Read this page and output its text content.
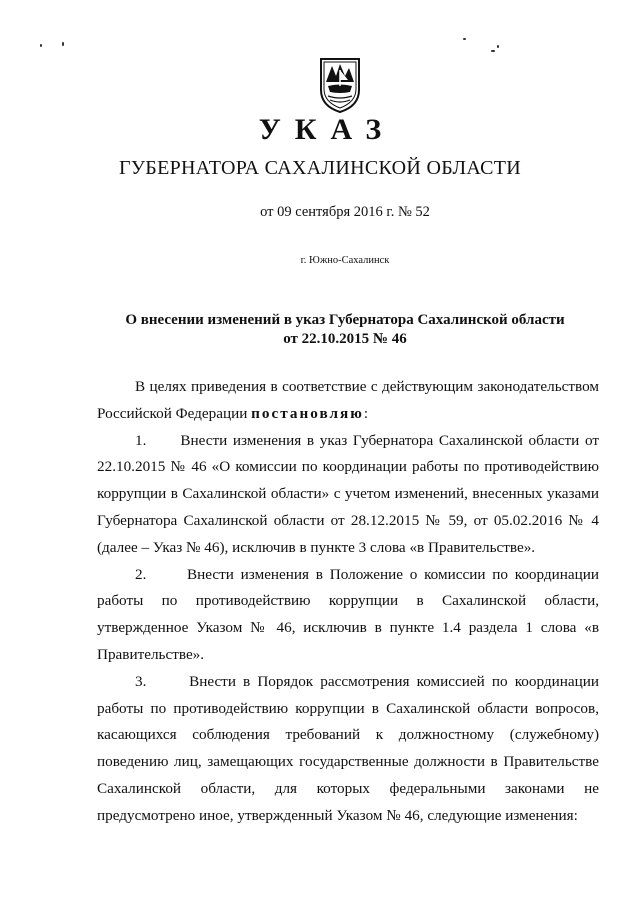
УКАЗ
ГУБЕРНАТОРА САХАЛИНСКОЙ ОБЛАСТИ
от 09 сентября 2016 г. № 52
г. Южно-Сахалинск
О внесении изменений в указ Губернатора Сахалинской области
от 22.10.2015 № 46

В целях приведения в соответствие с действующим законодательством Российской Федерации постановляю:

1. Внести изменения в указ Губернатора Сахалинской области от 22.10.2015 № 46 «О комиссии по координации работы по противодействию коррупции в Сахалинской области» с учетом изменений, внесенных указами Губернатора Сахалинской области от 28.12.2015 № 59, от 05.02.2016 № 4 (далее – Указ № 46), исключив в пункте 3 слова «в Правительстве».

2.	Внести изменения в Положение о комиссии по координации работы по противодействию коррупции в Сахалинской области, утвержденное Указом № 46, исключив в пункте 1.4 раздела 1 слова «в Правительстве».

3.	Внести в Порядок рассмотрения комиссией по координации работы по противодействию коррупции в Сахалинской области вопросов, касающихся соблюдения требований к должностному (служебному) поведению лиц, замещающих государственные должности в Правительстве Сахалинской области, для которых федеральными законами не предусмотрено иное, утвержденный Указом № 46, следующие изменения:
